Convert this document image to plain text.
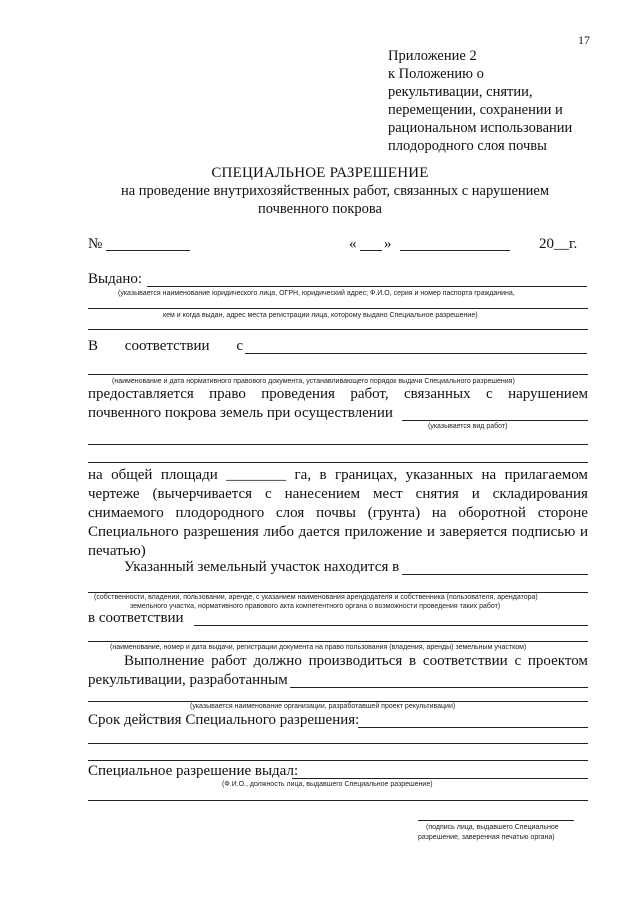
17
Приложение 2
к Положению о
рекультивации, снятии,
перемещении, сохранении и
рациональном использовании
плодородного слоя почвы
СПЕЦИАЛЬНОЕ РАЗРЕШЕНИЕ
на проведение внутрихозяйственных работ, связанных с нарушением
почвенного покрова
№	« »	20__г.
Выдано:
(указывается наименование юридического лица, ОГРН, юридический адрес; Ф.И.О, серия и номер паспорта гражданина,
кем и когда выдан, адрес места регистрации лица, которому выдано Специальное разрешение)
В соответствии с
(наименование и дата нормативного правового документа, устанавливающего порядок выдачи Специального разрешения)
предоставляется право проведения работ, связанных с нарушением
почвенного покрова земель при осуществлении
(указывается вид работ)
на общей площади ________ га, в границах, указанных на прилагаемом
чертеже (вычерчивается с нанесением мест снятия и складирования
снимаемого плодородного слоя почвы (грунта) на оборотной стороне
Специального разрешения либо дается приложение и заверяется подписью и
печатью)
Указанный земельный участок находится в
(собственности, владении, пользовании, аренде, с указанием наименования арендодателя и собственника (пользователя, арендатора)
земельного участка, нормативного правового акта компетентного органа о возможности проведения таких работ)
в соответствии
(наименование, номер и дата выдачи, регистрации документа на право пользования (владения, аренды) земельным участком)
Выполнение работ должно производиться в соответствии с проектом
рекультивации, разработанным
(указывается наименование организации, разработавшей проект рекультивации)
Срок действия Специального разрешения:
Специальное разрешение выдал:
(Ф.И.О., должность лица, выдавшего Специальное разрешение)
(подпись лица, выдавшего Специальное
разрешение, заверенная печатью органа)
